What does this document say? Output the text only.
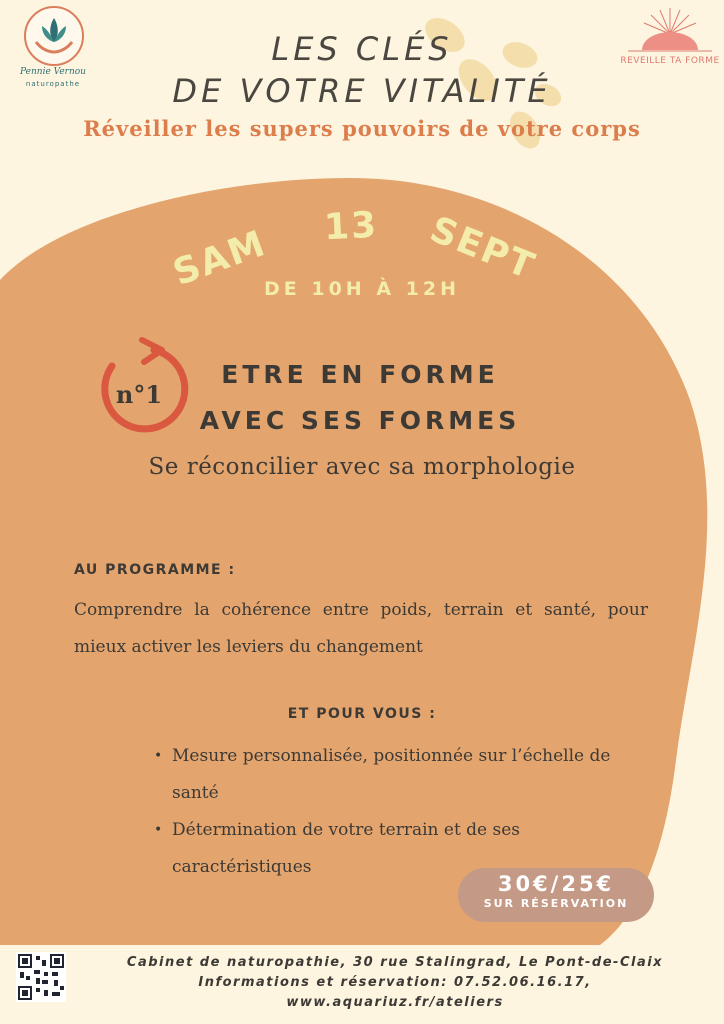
Pennie Vernou
naturopathe
REVEILLE TA FORME
LES CLÉS
DE VOTRE VITALITÉ
Réveiller les supers pouvoirs de votre corps
SAM 13 SEPT
DE 10H À 12H
n°1
ETRE EN FORME
AVEC SES FORMES
Se réconcilier avec sa morphologie
AU PROGRAMME :
Comprendre la cohérence entre poids, terrain et santé, pour mieux activer les leviers du changement
ET POUR VOUS :
• Mesure personnalisée, positionnée sur l’échelle de santé
• Détermination de votre terrain et de ses caractéristiques
30€/25€
SUR RÉSERVATION
Cabinet de naturopathie, 30 rue Stalingrad, Le Pont-de-Claix
Informations et réservation: 07.52.06.16.17,
www.aquariuz.fr/ateliers
